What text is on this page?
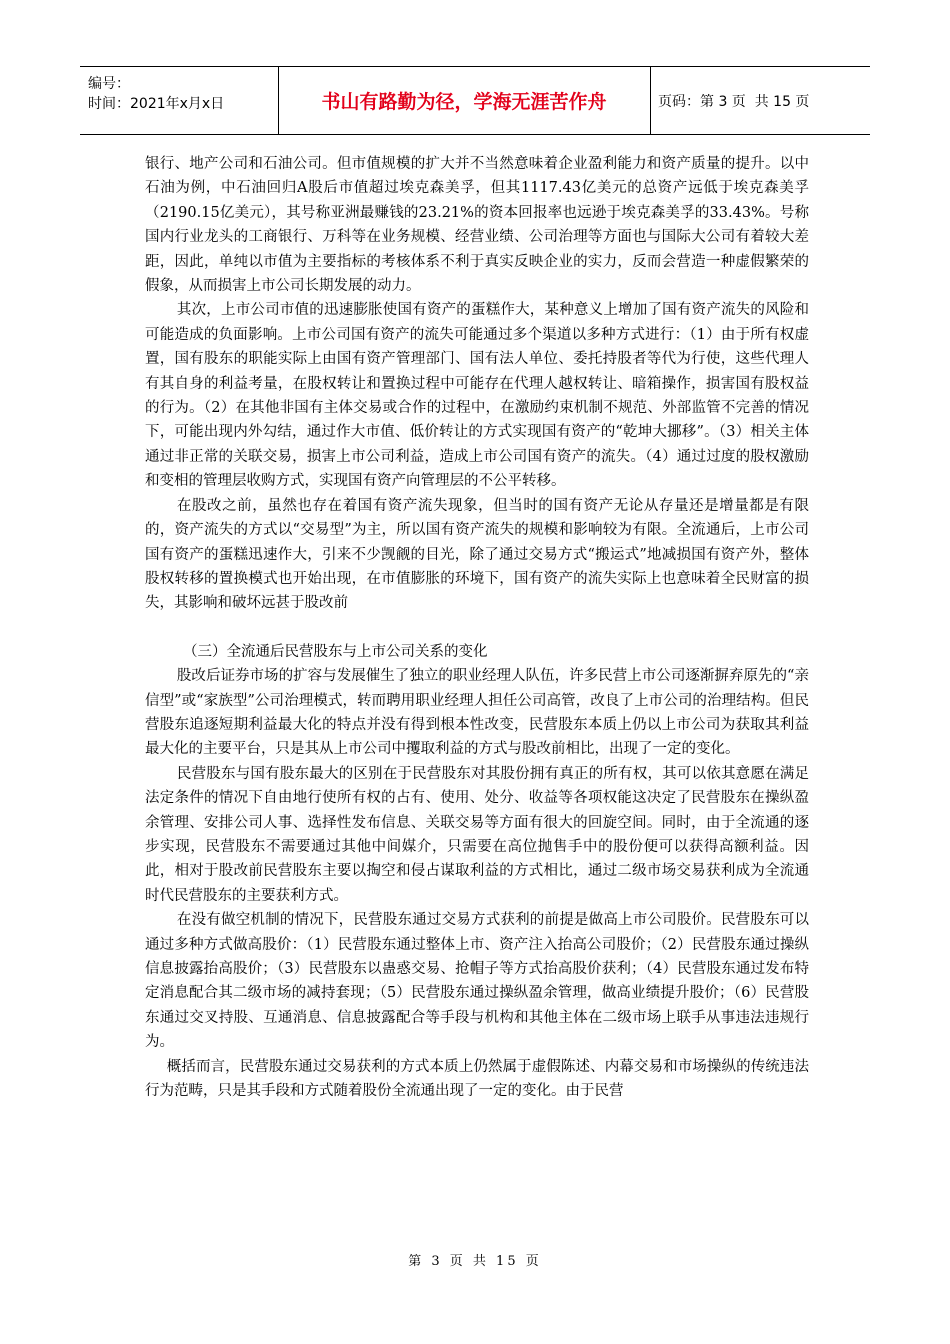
编号：
时间：2021年x月x日	书山有路勤为径，学海无涯苦作舟	页码：第 3 页  共 15 页

银行、地产公司和石油公司。但市值规模的扩大并不当然意味着企业盈利能力和资产质量的提升。以中石油为例，中石油回归A股后市值超过埃克森美孚，但其1117.43亿美元的总资产远低于埃克森美孚（2190.15亿美元），其号称亚洲最赚钱的23.21%的资本回报率也远逊于埃克森美孚的33.43%。号称国内行业龙头的工商银行、万科等在业务规模、经营业绩、公司治理等方面也与国际大公司有着较大差距，因此，单纯以市值为主要指标的考核体系不利于真实反映企业的实力，反而会营造一种虚假繁荣的假象，从而损害上市公司长期发展的动力。

其次，上市公司市值的迅速膨胀使国有资产的蛋糕作大，某种意义上增加了国有资产流失的风险和可能造成的负面影响。上市公司国有资产的流失可能通过多个渠道以多种方式进行：（1）由于所有权虚置，国有股东的职能实际上由国有资产管理部门、国有法人单位、委托持股者等代为行使，这些代理人有其自身的利益考量，在股权转让和置换过程中可能存在代理人越权转让、暗箱操作，损害国有股权益的行为。（2）在其他非国有主体交易或合作的过程中，在激励约束机制不规范、外部监管不完善的情况下，可能出现内外勾结，通过作大市值、低价转让的方式实现国有资产的“乾坤大挪移”。（3）相关主体通过非正常的关联交易，损害上市公司利益，造成上市公司国有资产的流失。（4）通过过度的股权激励和变相的管理层收购方式，实现国有资产向管理层的不公平转移。

在股改之前，虽然也存在着国有资产流失现象，但当时的国有资产无论从存量还是增量都是有限的，资产流失的方式以“交易型”为主，所以国有资产流失的规模和影响较为有限。全流通后，上市公司国有资产的蛋糕迅速作大，引来不少觊觎的目光，除了通过交易方式“搬运式”地减损国有资产外，整体股权转移的置换模式也开始出现，在市值膨胀的环境下，国有资产的流失实际上也意味着全民财富的损失，其影响和破坏远甚于股改前

（三）全流通后民营股东与上市公司关系的变化

股改后证券市场的扩容与发展催生了独立的职业经理人队伍，许多民营上市公司逐渐摒弃原先的“亲信型”或“家族型”公司治理模式，转而聘用职业经理人担任公司高管，改良了上市公司的治理结构。但民营股东追逐短期利益最大化的特点并没有得到根本性改变，民营股东本质上仍以上市公司为获取其利益最大化的主要平台，只是其从上市公司中攫取利益的方式与股改前相比，出现了一定的变化。

民营股东与国有股东最大的区别在于民营股东对其股份拥有真正的所有权，其可以依其意愿在满足法定条件的情况下自由地行使所有权的占有、使用、处分、收益等各项权能这决定了民营股东在操纵盈余管理、安排公司人事、选择性发布信息、关联交易等方面有很大的回旋空间。同时，由于全流通的逐步实现，民营股东不需要通过其他中间媒介，只需要在高位抛售手中的股份便可以获得高额利益。因此，相对于股改前民营股东主要以掏空和侵占谋取利益的方式相比，通过二级市场交易获利成为全流通时代民营股东的主要获利方式。

在没有做空机制的情况下，民营股东通过交易方式获利的前提是做高上市公司股价。民营股东可以通过多种方式做高股价：（1）民营股东通过整体上市、资产注入抬高公司股价；（2）民营股东通过操纵信息披露抬高股价；（3）民营股东以蛊惑交易、抢帽子等方式抬高股价获利；（4）民营股东通过发布特定消息配合其二级市场的减持套现；（5）民营股东通过操纵盈余管理，做高业绩提升股价；（6）民营股东通过交叉持股、互通消息、信息披露配合等手段与机构和其他主体在二级市场上联手从事违法违规行为。

概括而言，民营股东通过交易获利的方式本质上仍然属于虚假陈述、内幕交易和市场操纵的传统违法行为范畴，只是其手段和方式随着股份全流通出现了一定的变化。由于民营

第 3 页 共 15 页
